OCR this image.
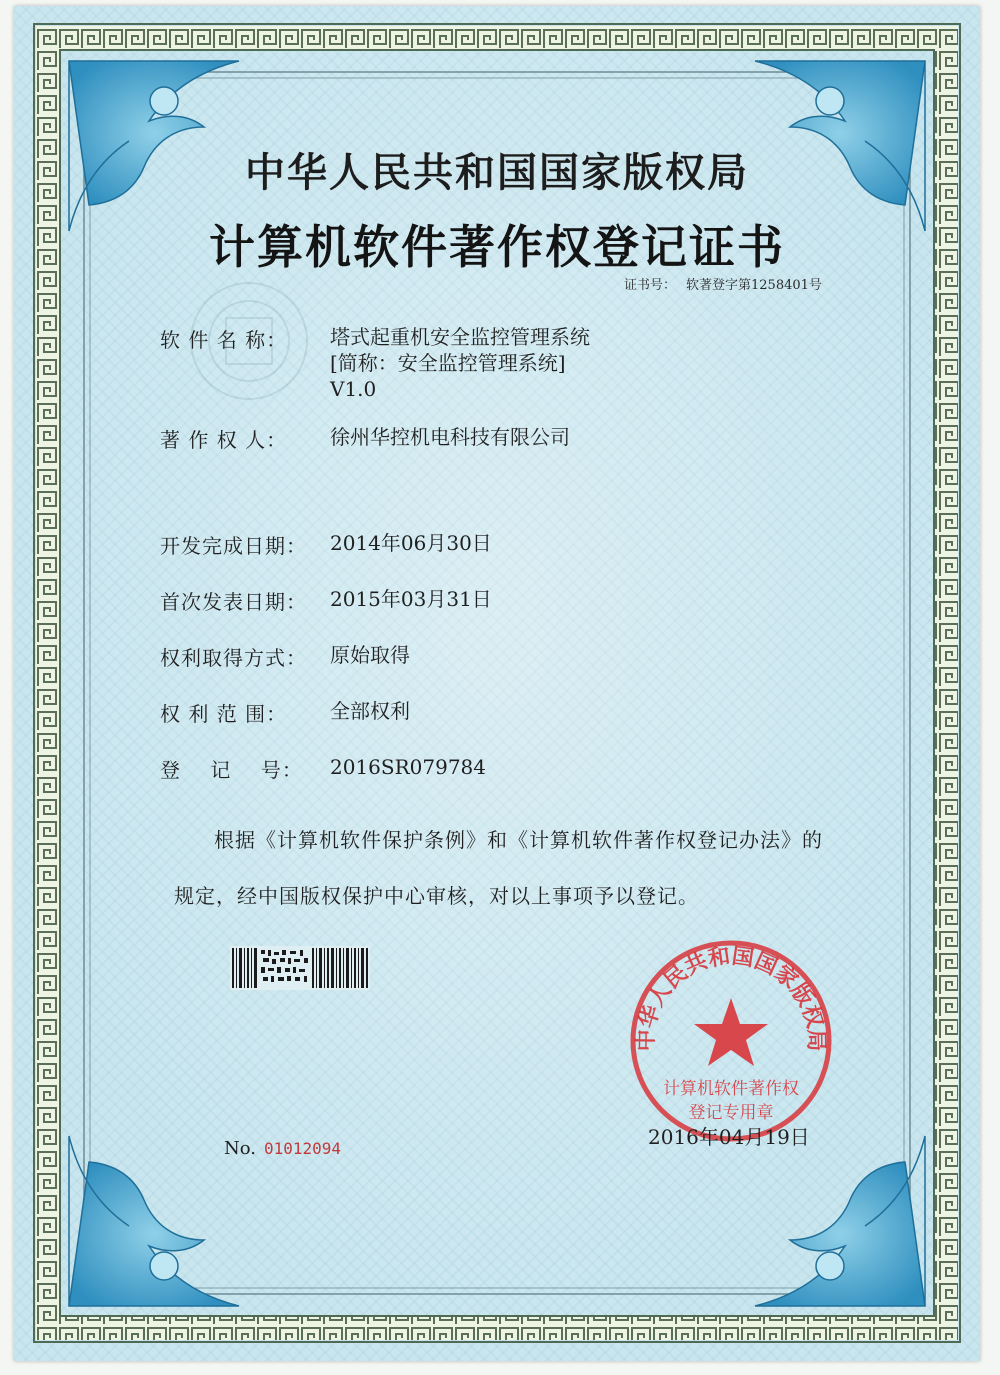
中华人民共和国国家版权局
计算机软件著作权登记证书
证书号： 软著登字第1258401号
软 件 名 称： 塔式起重机安全监控管理系统
[简称：安全监控管理系统]
V1.0
著 作 权 人： 徐州华控机电科技有限公司
开发完成日期： 2014年06月30日
首次发表日期： 2015年03月31日
权利取得方式： 原始取得
权 利 范 围： 全部权利
登    记    号： 2016SR079784
根据《计算机软件保护条例》和《计算机软件著作权登记办法》的
规定，经中国版权保护中心审核，对以上事项予以登记。
No. 01012094
中华人民共和国国家版权局
计算机软件著作权
登记专用章
2016年04月19日
